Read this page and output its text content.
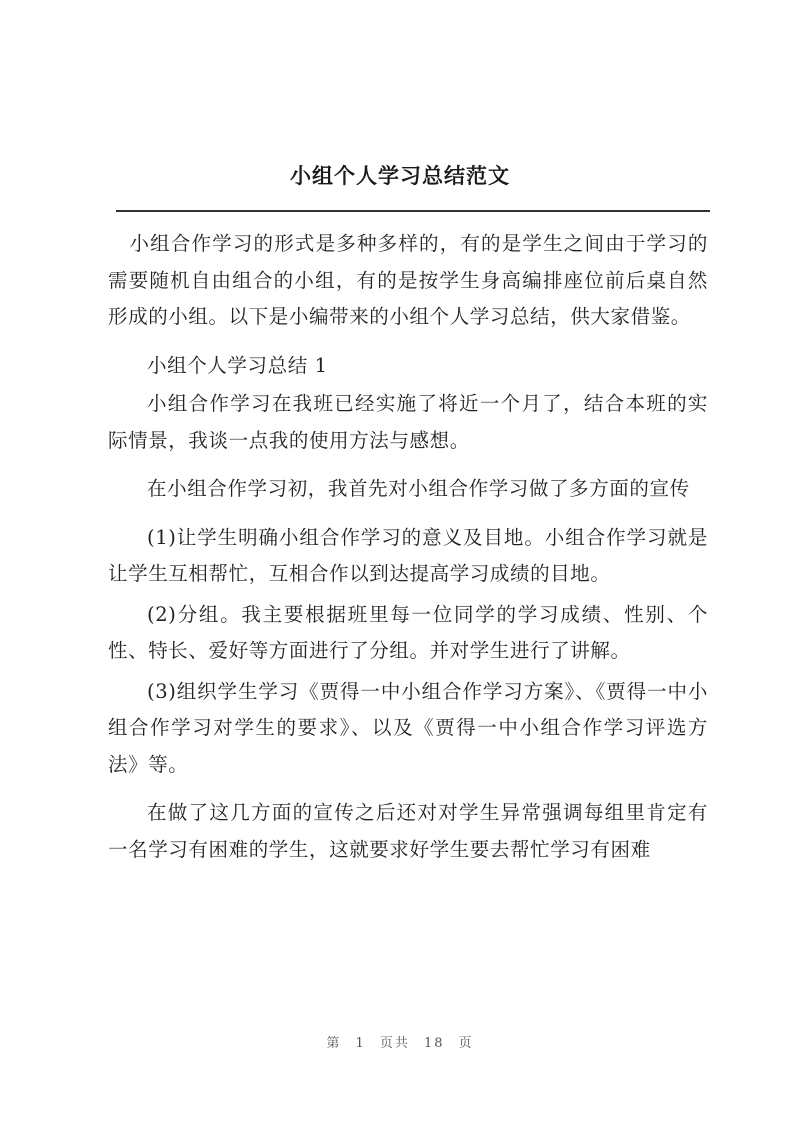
小组个人学习总结范文

小组合作学习的形式是多种多样的，有的是学生之间由于学习的需要随机自由组合的小组，有的是按学生身高编排座位前后桌自然形成的小组。以下是小编带来的小组个人学习总结，供大家借鉴。

小组个人学习总结 1

小组合作学习在我班已经实施了将近一个月了，结合本班的实际情景，我谈一点我的使用方法与感想。

在小组合作学习初，我首先对小组合作学习做了多方面的宣传

(1)让学生明确小组合作学习的意义及目地。小组合作学习就是让学生互相帮忙，互相合作以到达提高学习成绩的目地。

(2)分组。我主要根据班里每一位同学的学习成绩、性别、个性、特长、爱好等方面进行了分组。并对学生进行了讲解。

(3)组织学生学习《贾得一中小组合作学习方案》、《贾得一中小组合作学习对学生的要求》、以及《贾得一中小组合作学习评选方法》等。

在做了这几方面的宣传之后还对对学生异常强调每组里肯定有一名学习有困难的学生，这就要求好学生要去帮忙学习有困难

第 1 页共 18 页
